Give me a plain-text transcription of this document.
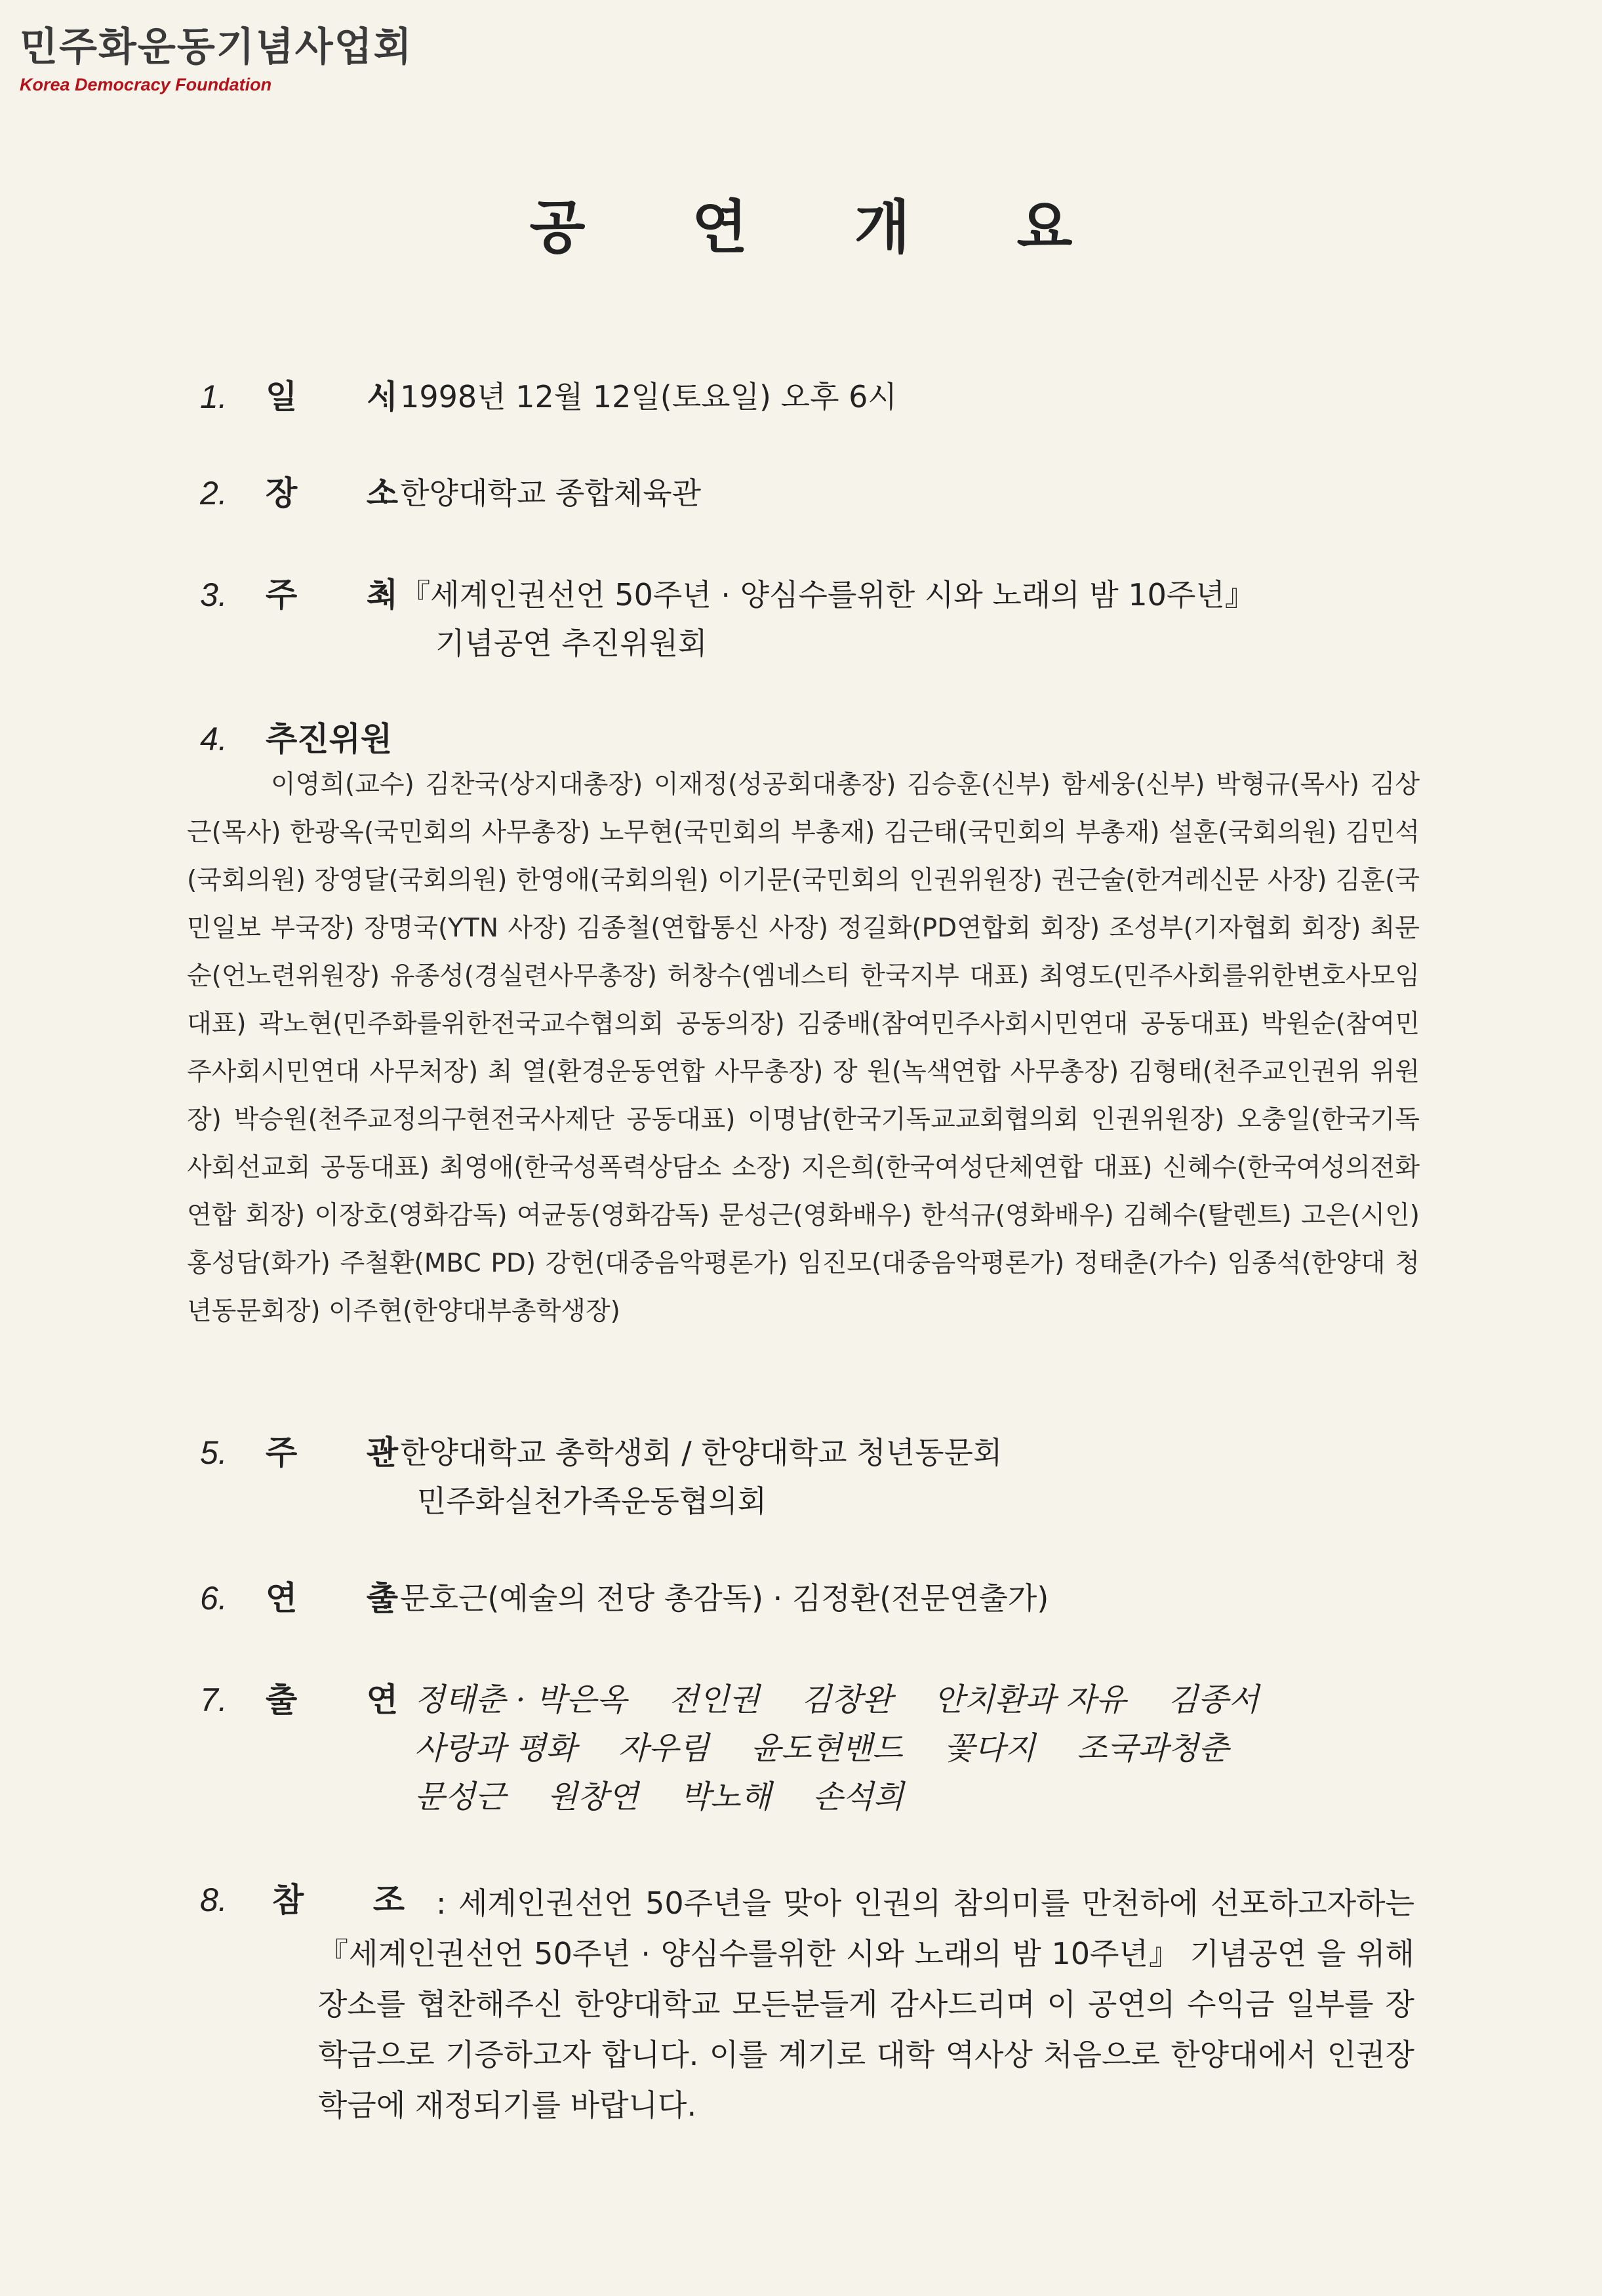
민주화운동기념사업회
Korea Democracy Foundation
공 연 개 요
1. 일 시
: 1998년 12월 12일(토요일) 오후 6시
2. 장 소
: 한양대학교 종합체육관
3. 주 최
: 『세계인권선언 50주년 · 양심수를위한 시와 노래의 밤 10주년』
기념공연 추진위원회
4. 추진위원
이영희(교수) 김찬국(상지대총장) 이재정(성공회대총장) 김승훈(신부) 함세웅(신부) 박형규(목사) 김상근(목사) 한광옥(국민회의 사무총장) 노무현(국민회의 부총재) 김근태(국민회의 부총재) 설훈(국회의원) 김민석(국회의원) 장영달(국회의원) 한영애(국회의원) 이기문(국민회의 인권위원장) 권근술(한겨레신문 사장) 김훈(국민일보 부국장) 장명국(YTN 사장) 김종철(연합통신 사장) 정길화(PD연합회 회장) 조성부(기자협회 회장) 최문순(언노련위원장) 유종성(경실련사무총장) 허창수(엠네스티 한국지부 대표) 최영도(민주사회를위한변호사모임 대표) 곽노현(민주화를위한전국교수협의회 공동의장) 김중배(참여민주사회시민연대 공동대표) 박원순(참여민주사회시민연대 사무처장) 최 열(환경운동연합 사무총장) 장 원(녹색연합 사무총장) 김형태(천주교인권위 위원장) 박승원(천주교정의구현전국사제단 공동대표) 이명남(한국기독교교회협의회 인권위원장) 오충일(한국기독사회선교회 공동대표) 최영애(한국성폭력상담소 소장) 지은희(한국여성단체연합 대표) 신혜수(한국여성의전화연합 회장) 이장호(영화감독) 여균동(영화감독) 문성근(영화배우) 한석규(영화배우) 김혜수(탈렌트) 고은(시인) 홍성담(화가) 주철환(MBC PD) 강헌(대중음악평론가) 임진모(대중음악평론가) 정태춘(가수) 임종석(한양대 청년동문회장) 이주현(한양대부총학생장)
5. 주 관
: 한양대학교 총학생회 / 한양대학교 청년동문회
민주화실천가족운동협의회
6. 연 출
: 문호근(예술의 전당 총감독) · 김정환(전문연출가)
7. 출 연
정태춘 · 박은옥 전인권 김창완 안치환과 자유 김종서
사랑과 평화 자우림 윤도현밴드 꽃다지 조국과청춘
문성근 원창연 박노해 손석희
8. 참 조 : 세계인권선언 50주년을 맞아 인권의 참의미를 만천하에 선포하고자하는『세계인권선언 50주년 · 양심수를위한 시와 노래의 밤 10주년』 기념공연 을 위해 장소를 협찬해주신 한양대학교 모든분들게 감사드리며 이 공연의 수익금 일부를 장학금으로 기증하고자 합니다. 이를 계기로 대학 역사상 처음으로 한양대에서 인권장학금에 재정되기를 바랍니다.
